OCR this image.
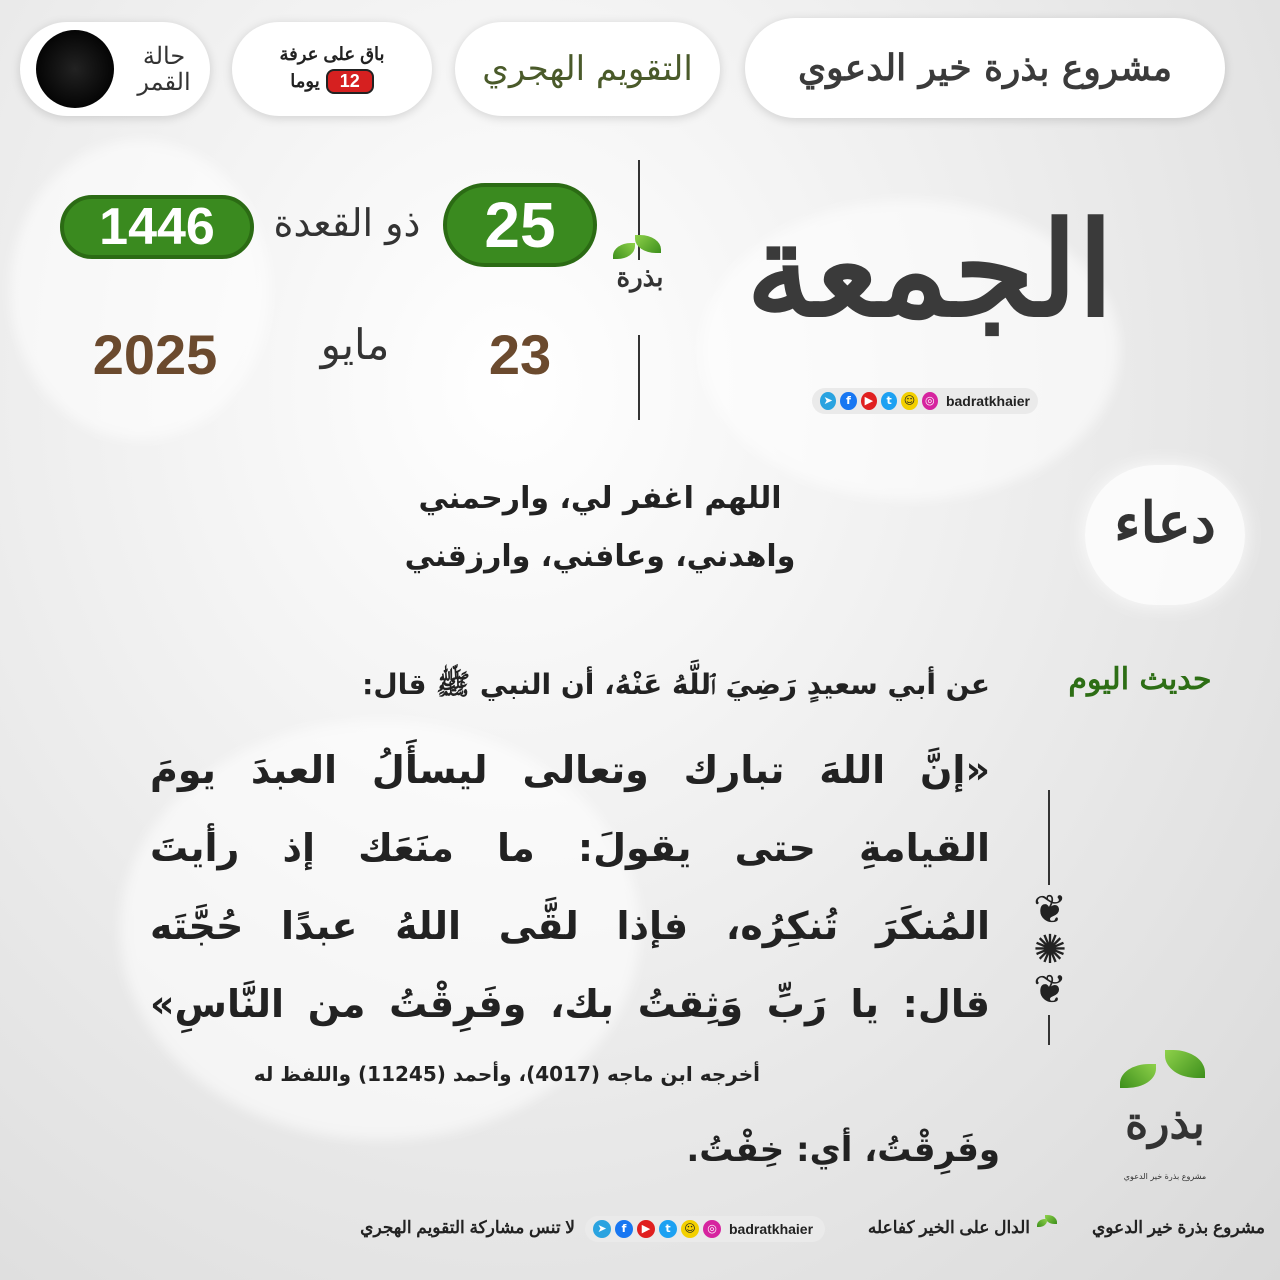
مشروع بذرة خير الدعوي
التقويم الهجري
باق على عرفة
12
يوما
حالة القمر
الجمعة
➤	f	▶	t	☺ ◎ badratkhaier
بذرة
25
ذو القعدة
1446
23
مايو
2025
دعاء
اللهم اغفر لي، وارحمني
واهدني، وعافني، وارزقني
حديث اليوم
عن أبي سعيدٍ رَضِيَ ٱللَّهُ عَنْهُ، أن النبي ﷺ قال:
«إنَّ اللهَ تبارك وتعالى ليسأَلُ العبدَ يومَ
القيامةِ حتى يقولَ: ما منَعَك إذ رأيتَ
المُنكَرَ تُنكِرُه، فإذا لقَّى اللهُ عبدًا حُجَّتَه
قال: يا رَبِّ وَثِقتُ بك، وفَرِقْتُ من النَّاسِ»
أخرجه ابن ماجه (4017)، وأحمد (11245) واللفظ له
وفَرِقْتُ، أي: خِفْتُ.
❦
✺
❦
بذرة
مشروع بذرة خير الدعوي
مشروع بذرة خير الدعوي
الدال على الخير كفاعله
➤	f	▶	t	☺	◎ badratkhaier
لا تنس مشاركة التقويم الهجري
